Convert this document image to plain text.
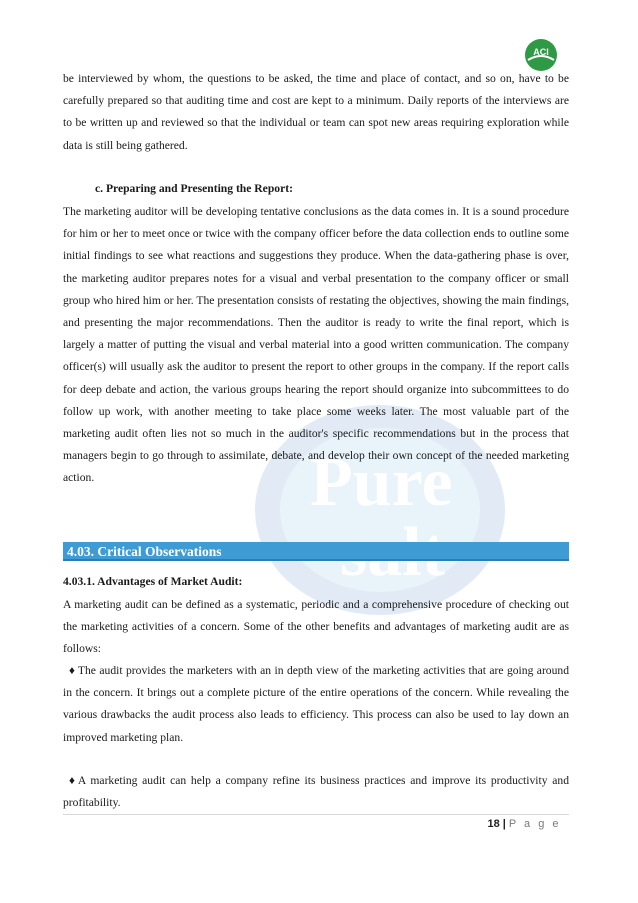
Pure
ACI

be interviewed by whom, the questions to be asked, the time and place of contact, and so on, have to be carefully prepared so that auditing time and cost are kept to a minimum. Daily reports of the interviews are to be written up and reviewed so that the individual or team can spot new areas requiring exploration while data is still being gathered.

c. Preparing and Presenting the Report:

The marketing auditor will be developing tentative conclusions as the data comes in. It is a sound procedure for him or her to meet once or twice with the company officer before the data collection ends to outline some initial findings to see what reactions and suggestions they produce. When the data-gathering phase is over, the marketing auditor prepares notes for a visual and verbal presentation to the company officer or small group who hired him or her. The presentation consists of restating the objectives, showing the main findings, and presenting the major recommendations. Then the auditor is ready to write the final report, which is largely a matter of putting the visual and verbal material into a good written communication. The company officer(s) will usually ask the auditor to present the report to other groups in the company. If the report calls for deep debate and action, the various groups hearing the report should organize into subcommittees to do follow up work, with another meeting to take place some weeks later. The most valuable part of the marketing audit often lies not so much in the auditor's specific recommendations but in the process that managers begin to go through to assimilate, debate, and develop their own concept of the needed marketing action.

4.03. Critical Observations
4.03.1. Advantages of Market Audit:

A marketing audit can be defined as a systematic, periodic and a comprehensive procedure of checking out the marketing activities of a concern. Some of the other benefits and advantages of marketing audit are as follows:

♦ The audit provides the marketers with an in depth view of the marketing activities that are going around in the concern. It brings out a complete picture of the entire operations of the concern. While revealing the various drawbacks the audit process also leads to efficiency. This process can also be used to lay down an improved marketing plan.

♦ A marketing audit can help a company refine its business practices and improve its productivity and profitability.

18 | P a g e
